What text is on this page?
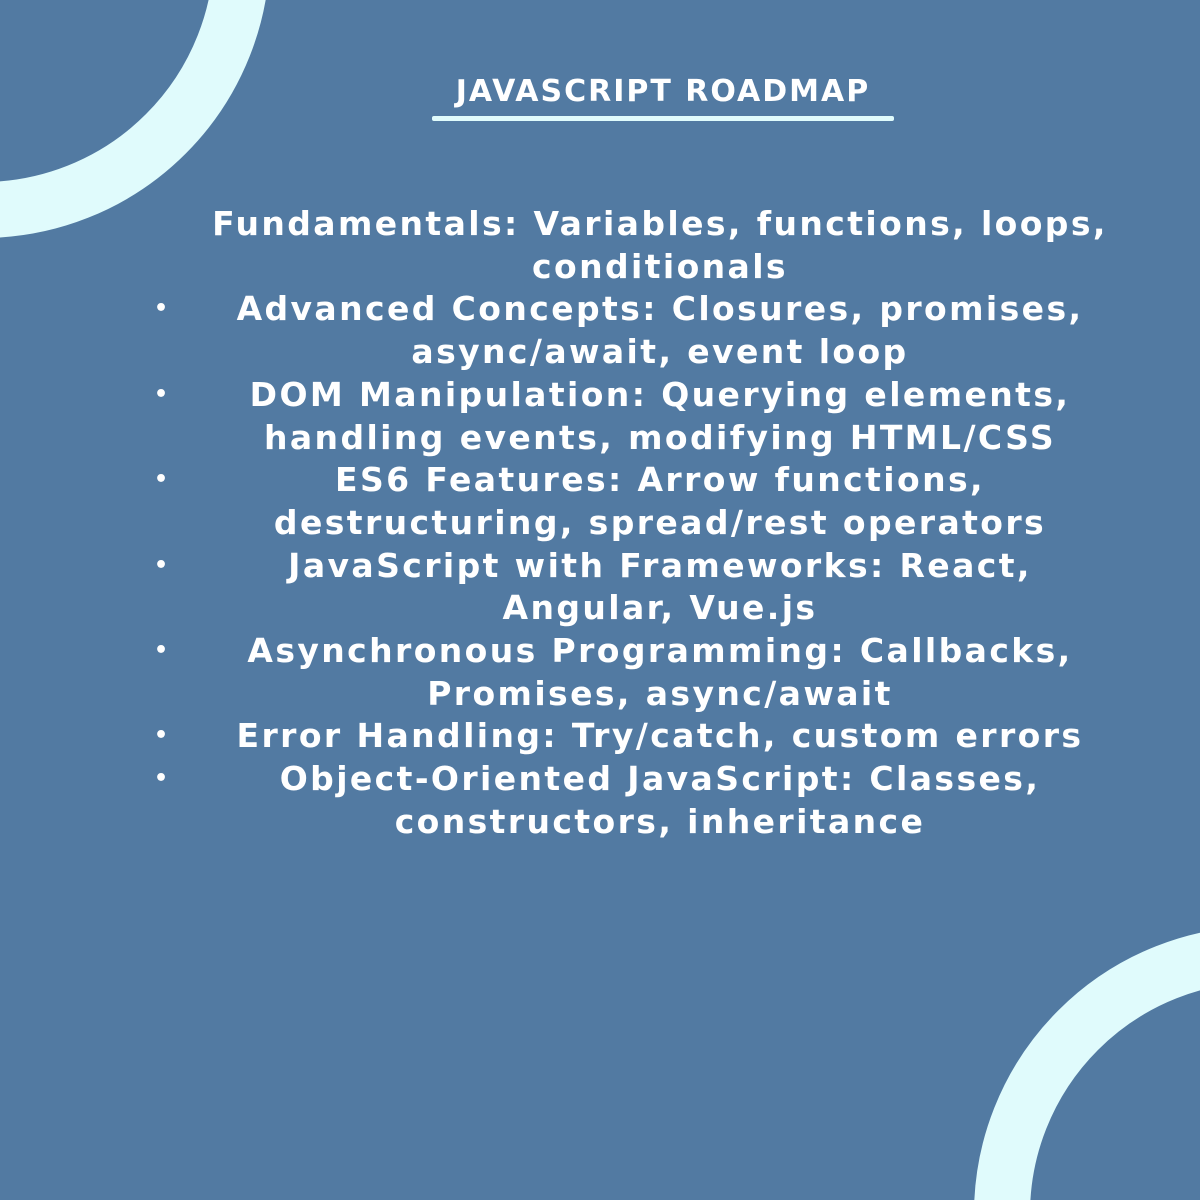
JAVASCRIPT ROADMAP
Fundamentals: Variables, functions, loops, conditionals
•	Advanced Concepts: Closures, promises, async/await, event loop
•	DOM Manipulation: Querying elements, handling events, modifying HTML/CSS
•	ES6 Features: Arrow functions, destructuring, spread/rest operators
•	JavaScript with Frameworks: React, Angular, Vue.js
•	Asynchronous Programming: Callbacks, Promises, async/await
•	Error Handling: Try/catch, custom errors
•	Object-Oriented JavaScript: Classes, constructors, inheritance
